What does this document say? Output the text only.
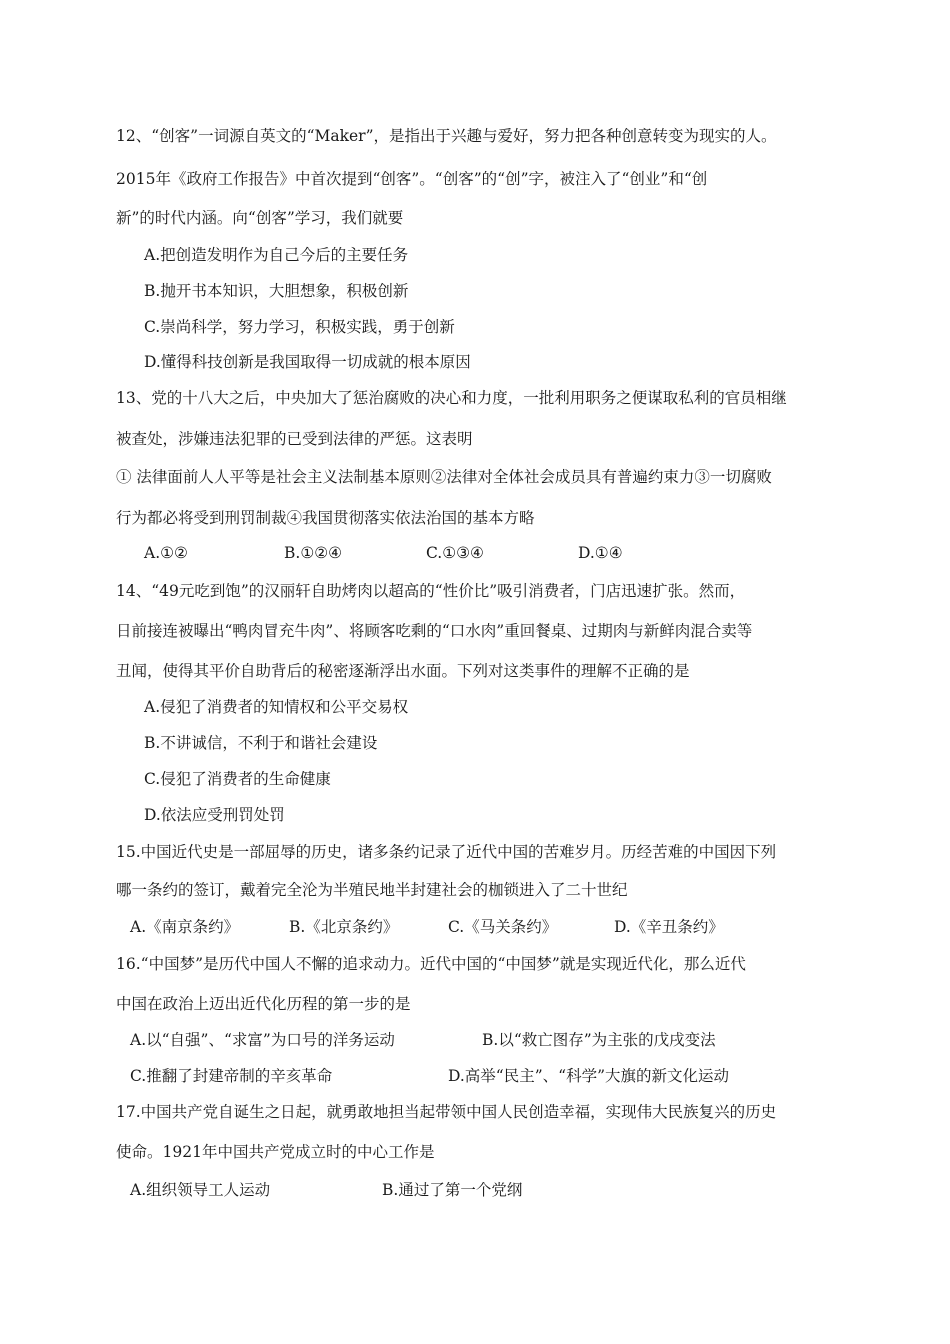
12、“创客”一词源自英文的“Maker”，是指出于兴趣与爱好，努力把各种创意转变为现实的人。
2015年《政府工作报告》中首次提到“创客”。“创客”的“创”字，被注入了“创业”和“创
新”的时代内涵。向“创客”学习，我们就要
A.把创造发明作为自己今后的主要任务
B.抛开书本知识，大胆想象，积极创新
C.崇尚科学，努力学习，积极实践，勇于创新
D.懂得科技创新是我国取得一切成就的根本原因
13、党的十八大之后，中央加大了惩治腐败的决心和力度，一批利用职务之便谋取私利的官员相继
被查处，涉嫌违法犯罪的已受到法律的严惩。这表明
① 法律面前人人平等是社会主义法制基本原则②法律对全体社会成员具有普遍约束力③一切腐败
行为都必将受到刑罚制裁④我国贯彻落实依法治国的基本方略
A.①②	B.①②④	C.①③④	D.①④
14、“49元吃到饱”的汉丽轩自助烤肉以超高的“性价比”吸引消费者，门店迅速扩张。然而，
日前接连被曝出“鸭肉冒充牛肉”、将顾客吃剩的“口水肉”重回餐桌、过期肉与新鲜肉混合卖等
丑闻，使得其平价自助背后的秘密逐渐浮出水面。下列对这类事件的理解不正确的是
A.侵犯了消费者的知情权和公平交易权
B.不讲诚信，不利于和谐社会建设
C.侵犯了消费者的生命健康
D.依法应受刑罚处罚
15.中国近代史是一部屈辱的历史，诸多条约记录了近代中国的苦难岁月。历经苦难的中国因下列
哪一条约的签订，戴着完全沦为半殖民地半封建社会的枷锁进入了二十世纪
A.《南京条约》	B.《北京条约》	C.《马关条约》	D.《辛丑条约》
16.“中国梦”是历代中国人不懈的追求动力。近代中国的“中国梦”就是实现近代化，那么近代
中国在政治上迈出近代化历程的第一步的是
A.以“自强”、“求富”为口号的洋务运动	B.以“救亡图存”为主张的戊戌变法
C.推翻了封建帝制的辛亥革命	D.高举“民主”、“科学”大旗的新文化运动
17.中国共产党自诞生之日起，就勇敢地担当起带领中国人民创造幸福，实现伟大民族复兴的历史
使命。1921年中国共产党成立时的中心工作是
A.组织领导工人运动	B.通过了第一个党纲
